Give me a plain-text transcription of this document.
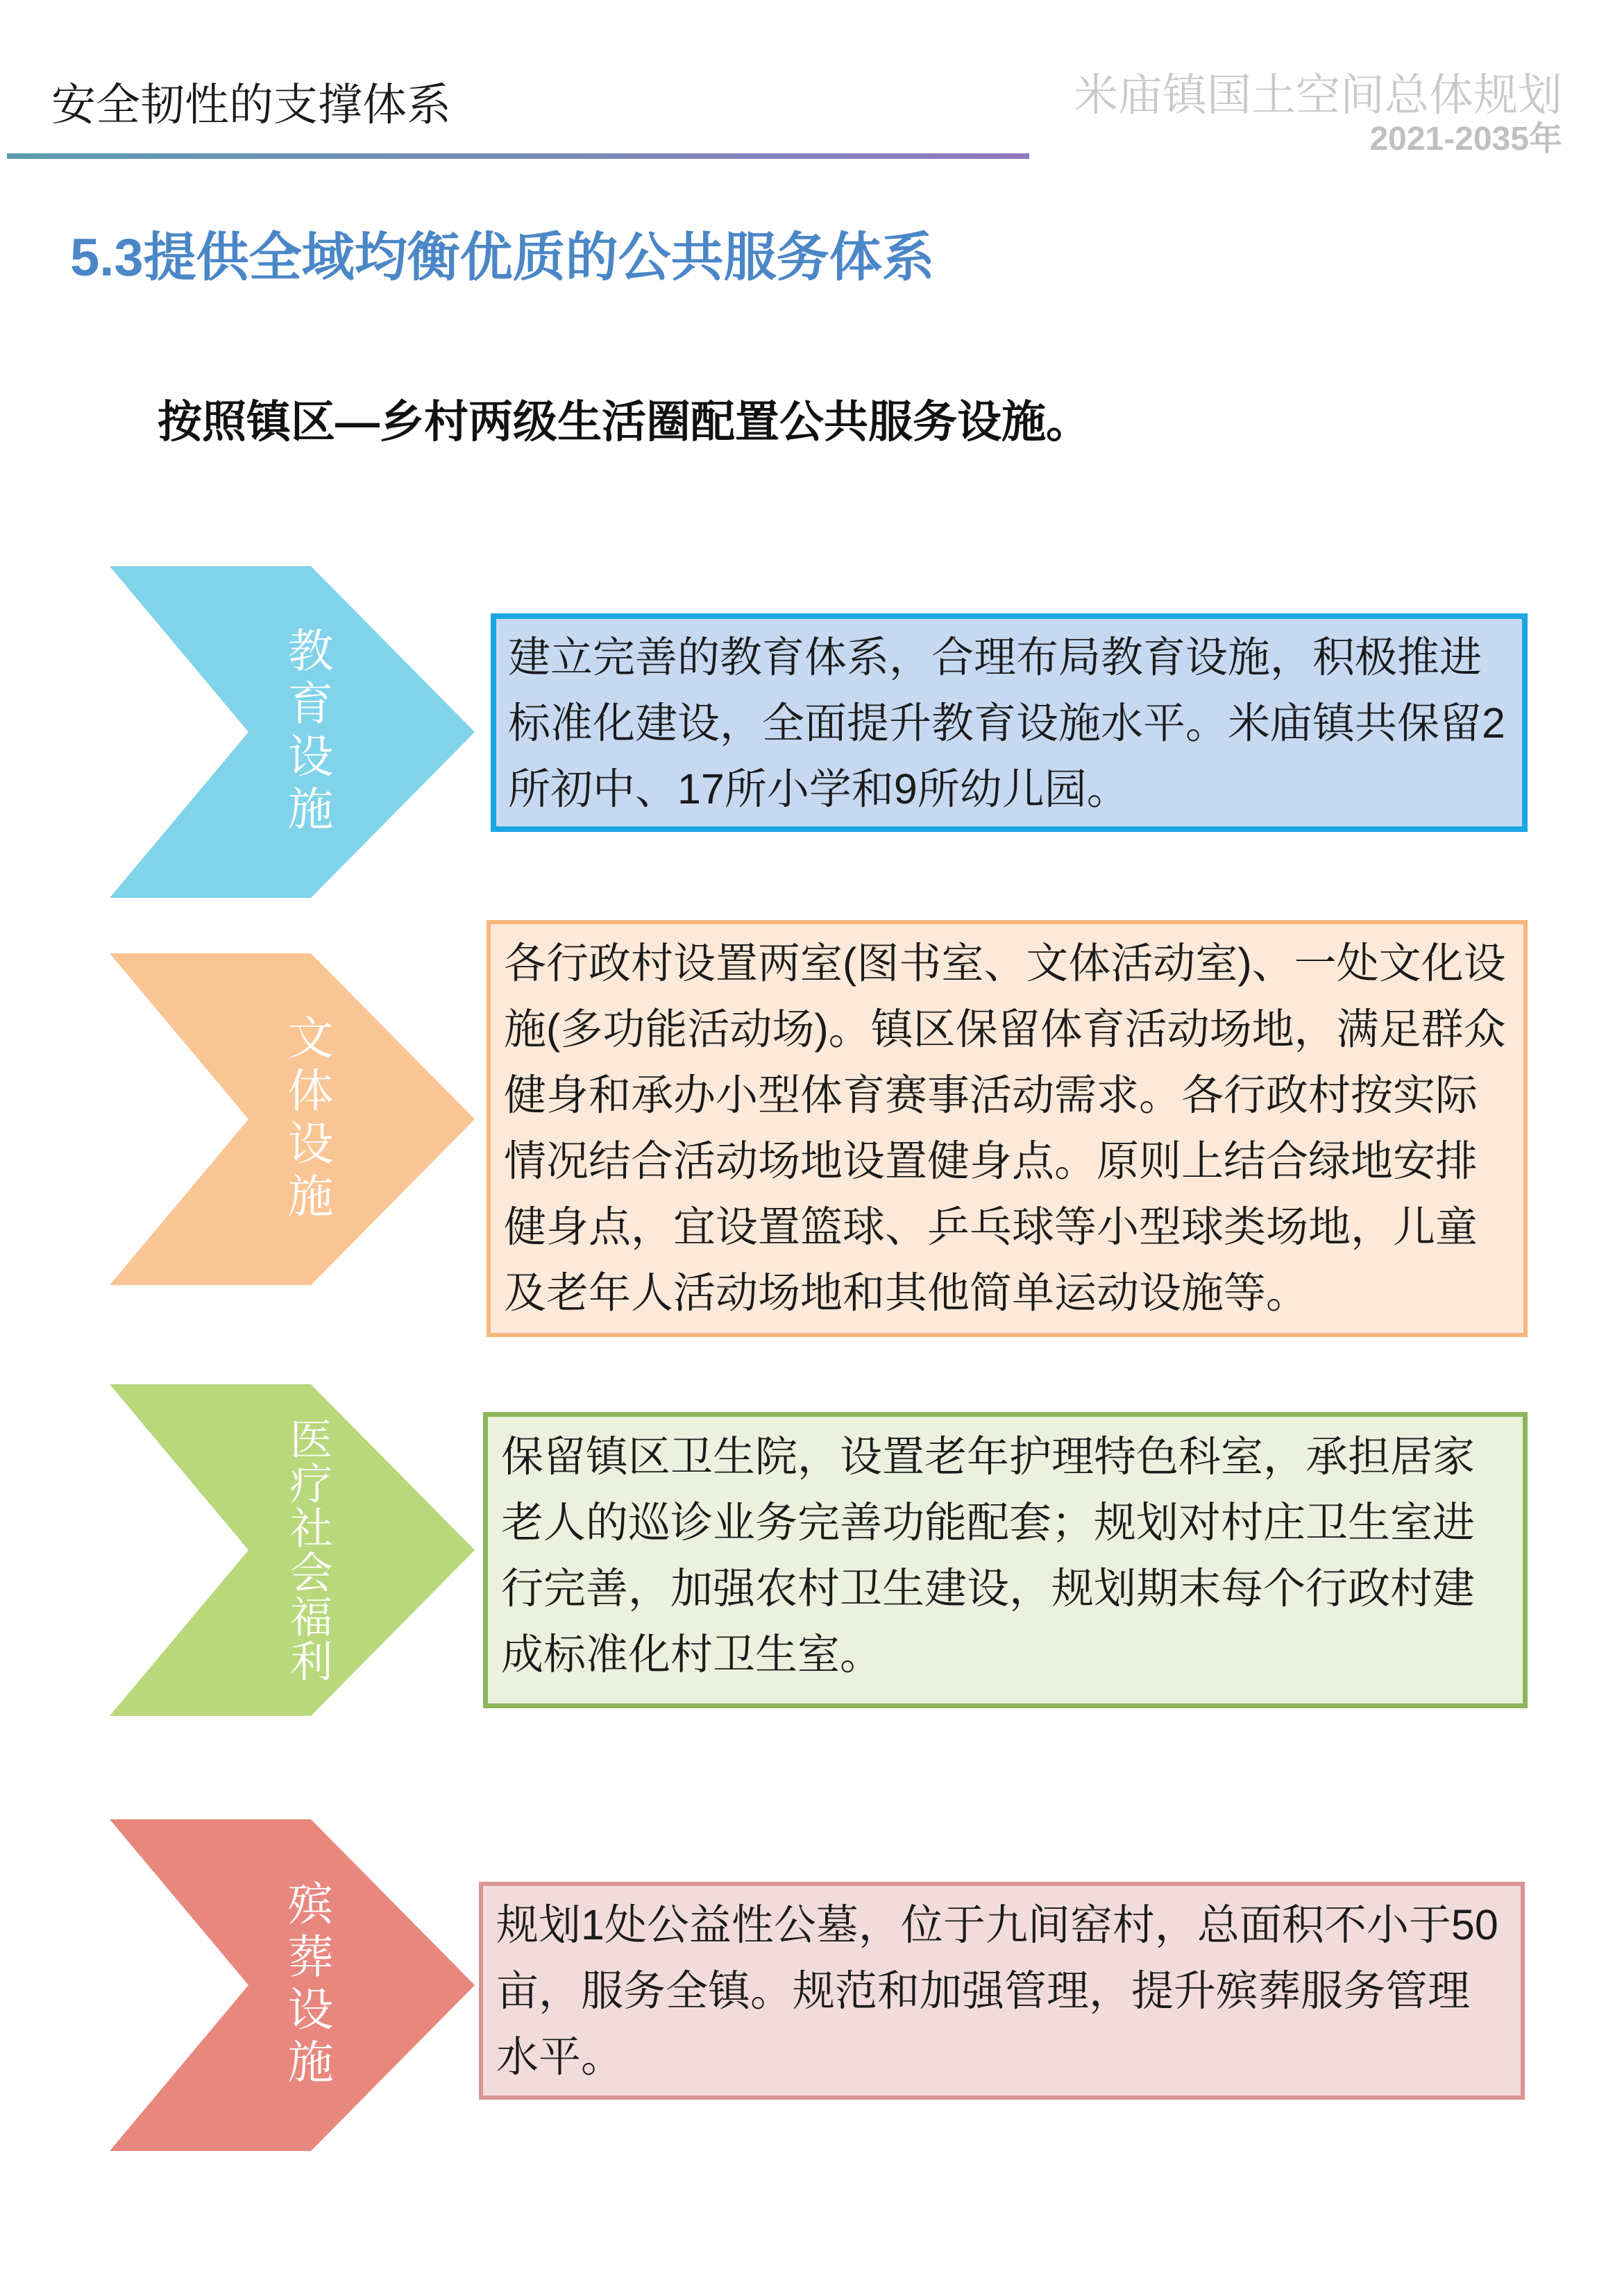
安全韧性的支撑体系	米庙镇国土空间总体规划
2021-2035年
5.3提供全域均衡优质的公共服务体系
按照镇区—乡村两级生活圈配置公共服务设施。
教育设施	建立完善的教育体系，合理布局教育设施，积极推进
标准化建设，全面提升教育设施水平。米庙镇共保留2
所初中、17所小学和9所幼儿园。
文体设施
各行政村设置两室(图书室、文体活动室)、一处文化设
施(多功能活动场)。镇区保留体育活动场地，满足群众
健身和承办小型体育赛事活动需求。各行政村按实际
情况结合活动场地设置健身点。原则上结合绿地安排
健身点，宜设置篮球、乒乓球等小型球类场地，儿童
及老年人活动场地和其他简单运动设施等。
医疗社会福利	保留镇区卫生院，设置老年护理特色科室，承担居家
老人的巡诊业务完善功能配套；规划对村庄卫生室进
行完善，加强农村卫生建设，规划期末每个行政村建
成标准化村卫生室。
殡葬设施	规划1处公益性公墓，位于九间窑村，总面积不小于50
亩，服务全镇。规范和加强管理，提升殡葬服务管理
水平。
